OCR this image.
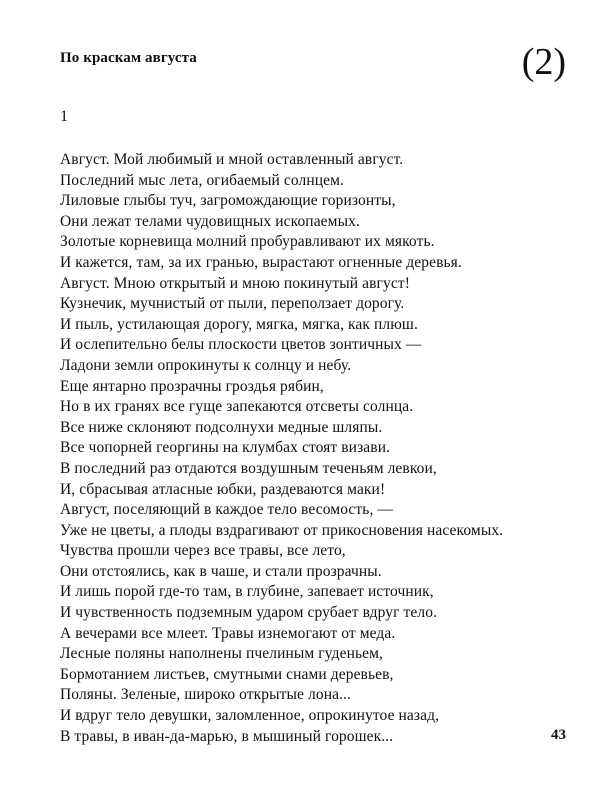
По краскам августа	(2)
1
Август. Мой любимый и мной оставленный август.
Последний мыс лета, огибаемый солнцем.
Лиловые глыбы туч, загромождающие горизонты,
Они лежат телами чудовищных ископаемых.
Золотые корневища молний пробуравливают их мякоть.
И кажется, там, за их гранью, вырастают огненные деревья.
Август. Мною открытый и мною покинутый август!
Кузнечик, мучнистый от пыли, переползает дорогу.
И пыль, устилающая дорогу, мягка, мягка, как плюш.
И ослепительно белы плоскости цветов зонтичных —
Ладони земли опрокинуты к солнцу и небу.
Еще янтарно прозрачны гроздья рябин,
Но в их гранях все гуще запекаются отсветы солнца.
Все ниже склоняют подсолнухи медные шляпы.
Все чопорней георгины на клумбах стоят визави.
В последний раз отдаются воздушным теченьям левкои,
И, сбрасывая атласные юбки, раздеваются маки!
Август, поселяющий в каждое тело весомость, —
Уже не цветы, а плоды вздрагивают от прикосновения насекомых.
Чувства прошли через все травы, все лето,
Они отстоялись, как в чаше, и стали прозрачны.
И лишь порой где-то там, в глубине, запевает источник,
И чувственность подземным ударом срубает вдруг тело.
А вечерами все млеет. Травы изнемогают от меда.
Лесные поляны наполнены пчелиным гуденьем,
Бормотанием листьев, смутными снами деревьев,
Поляны. Зеленые, широко открытые лона...
И вдруг тело девушки, заломленное, опрокинутое назад,
В травы, в иван-да-марью, в мышиный горошек...	43
